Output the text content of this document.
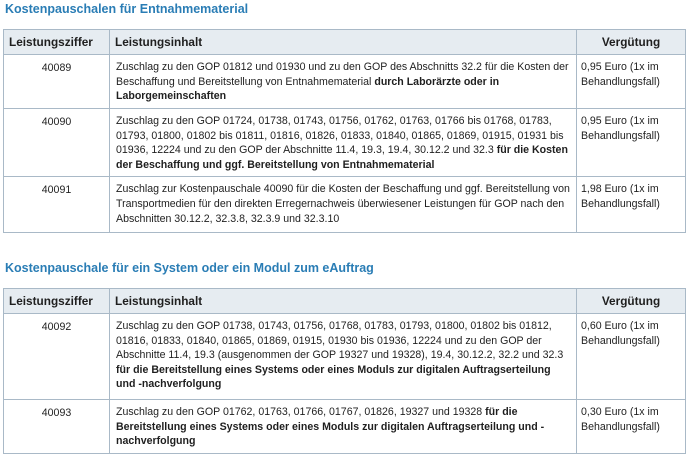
Kostenpauschalen für Entnahmematerial
Leistungsziffer	Leistungsinhalt	Vergütung
40089	Zuschlag zu den GOP 01812 und 01930 und zu den GOP des Abschnitts 32.2 für die Kosten der Beschaffung und Bereitstellung von Entnahmematerial durch Laborärzte oder in Laborgemeinschaften	0,95 Euro (1x im Behandlungsfall)
40090	Zuschlag zu den GOP 01724, 01738, 01743, 01756, 01762, 01763, 01766 bis 01768, 01783, 01793, 01800, 01802 bis 01811, 01816, 01826, 01833, 01840, 01865, 01869, 01915, 01931 bis 01936, 12224 und zu den GOP der Abschnitte 11.4, 19.3, 19.4, 30.12.2 und 32.3 für die Kosten der Beschaffung und ggf. Bereitstellung von Entnahmematerial	0,95 Euro (1x im Behandlungsfall)
40091	Zuschlag zur Kostenpauschale 40090 für die Kosten der Beschaffung und ggf. Bereitstellung von Transportmedien für den direkten Erregernachweis überwiesener Leistungen für GOP nach den Abschnitten 30.12.2, 32.3.8, 32.3.9 und 32.3.10	1,98 Euro (1x im Behandlungsfall)
Kostenpauschale für ein System oder ein Modul zum eAuftrag
Leistungsziffer	Leistungsinhalt	Vergütung
40092	Zuschlag zu den GOP 01738, 01743, 01756, 01768, 01783, 01793, 01800, 01802 bis 01812, 01816, 01833, 01840, 01865, 01869, 01915, 01930 bis 01936, 12224 und zu den GOP der Abschnitte 11.4, 19.3 (ausgenommen der GOP 19327 und 19328), 19.4, 30.12.2, 32.2 und 32.3 für die Bereitstellung eines Systems oder eines Moduls zur digitalen Auftragserteilung und -nachverfolgung	0,60 Euro (1x im Behandlungsfall)
40093	Zuschlag zu den GOP 01762, 01763, 01766, 01767, 01826, 19327 und 19328 für die Bereitstellung eines Systems oder eines Moduls zur digitalen Auftragserteilung und -nachverfolgung	0,30 Euro (1x im Behandlungsfall)
